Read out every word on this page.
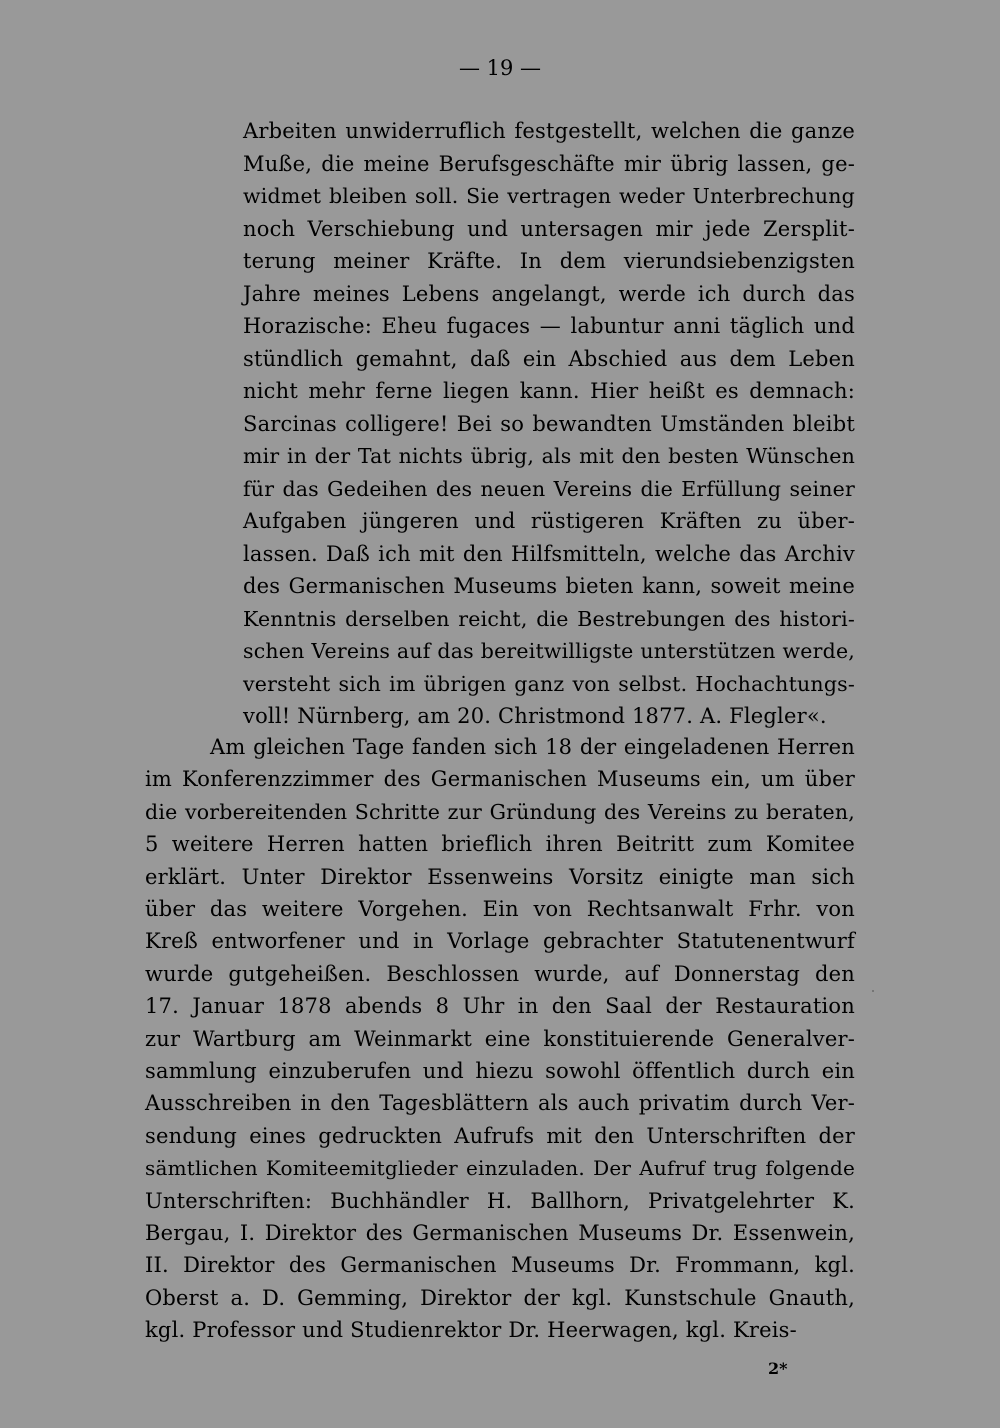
— 19 —
Arbeiten unwiderruflich festgestellt, welchen die ganze
Muße, die meine Berufsgeschäfte mir übrig lassen, ge-
widmet bleiben soll. Sie vertragen weder Unterbrechung
noch Verschiebung und untersagen mir jede Zersplit-
terung meiner Kräfte. In dem vierundsiebenzigsten
Jahre meines Lebens angelangt, werde ich durch das
Horazische: Eheu fugaces — labuntur anni täglich und
stündlich gemahnt, daß ein Abschied aus dem Leben
nicht mehr ferne liegen kann. Hier heißt es demnach:
Sarcinas colligere! Bei so bewandten Umständen bleibt
mir in der Tat nichts übrig, als mit den besten Wünschen
für das Gedeihen des neuen Vereins die Erfüllung seiner
Aufgaben jüngeren und rüstigeren Kräften zu über-
lassen. Daß ich mit den Hilfsmitteln, welche das Archiv
des Germanischen Museums bieten kann, soweit meine
Kenntnis derselben reicht, die Bestrebungen des histori-
schen Vereins auf das bereitwilligste unterstützen werde,
versteht sich im übrigen ganz von selbst. Hochachtungs-
voll! Nürnberg, am 20. Christmond 1877. A. Flegler«.
Am gleichen Tage fanden sich 18 der eingeladenen Herren
im Konferenzzimmer des Germanischen Museums ein, um über
die vorbereitenden Schritte zur Gründung des Vereins zu beraten,
5 weitere Herren hatten brieflich ihren Beitritt zum Komitee
erklärt. Unter Direktor Essenweins Vorsitz einigte man sich
über das weitere Vorgehen. Ein von Rechtsanwalt Frhr. von
Kreß entworfener und in Vorlage gebrachter Statutenentwurf
wurde gutgeheißen. Beschlossen wurde, auf Donnerstag den
17. Januar 1878 abends 8 Uhr in den Saal der Restauration
zur Wartburg am Weinmarkt eine konstituierende Generalver-
sammlung einzuberufen und hiezu sowohl öffentlich durch ein
Ausschreiben in den Tagesblättern als auch privatim durch Ver-
sendung eines gedruckten Aufrufs mit den Unterschriften der
sämtlichen Komiteemitglieder einzuladen. Der Aufruf trug folgende
Unterschriften: Buchhändler H. Ballhorn, Privatgelehrter K.
Bergau, I. Direktor des Germanischen Museums Dr. Essenwein,
II. Direktor des Germanischen Museums Dr. Frommann, kgl.
Oberst a. D. Gemming, Direktor der kgl. Kunstschule Gnauth,
kgl. Professor und Studienrektor Dr. Heerwagen, kgl. Kreis-
2*
